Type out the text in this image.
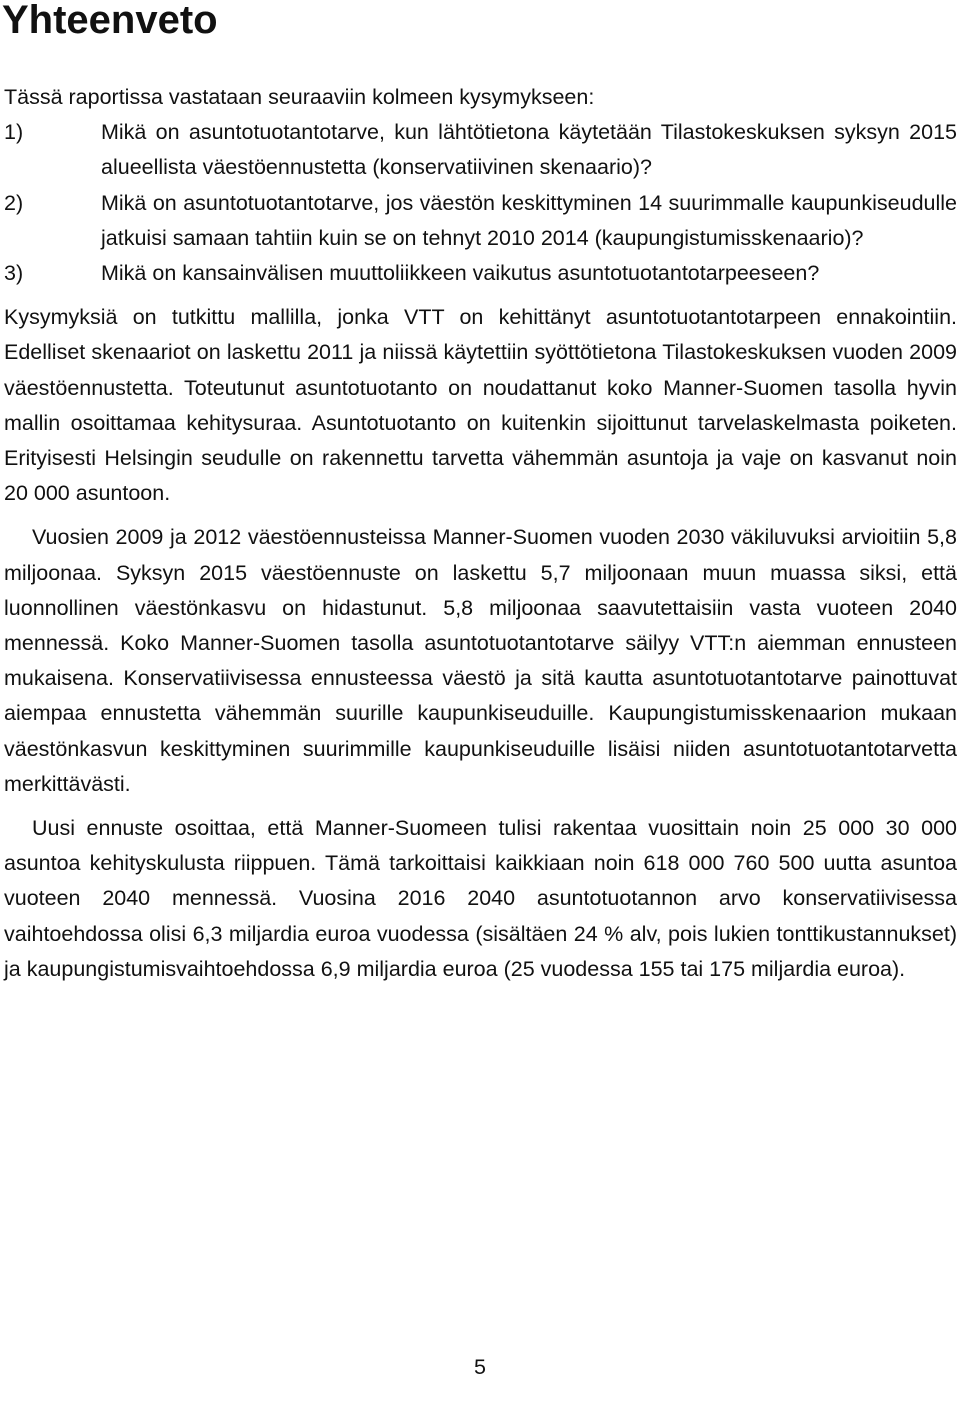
Yhteenveto

Tässä raportissa vastataan seuraaviin kolmeen kysymykseen:

1)	Mikä on asuntotuotantotarve, kun lähtötietona käytetään Tilastokeskuksen syksyn 2015 alueellista väestöennustetta (konservatiivinen skenaario)?
2)	Mikä on asuntotuotantotarve, jos väestön keskittyminen 14 suurimmalle kaupunkiseudulle jatkuisi samaan tahtiin kuin se on tehnyt 2010 2014 (kaupungistumisskenaario)?
3)	Mikä on kansainvälisen muuttoliikkeen vaikutus asuntotuotantotarpeeseen?

Kysymyksiä on tutkittu mallilla, jonka VTT on kehittänyt asuntotuotantotarpeen ennakointiin. Edelliset skenaariot on laskettu 2011 ja niissä käytettiin syöttötietona Tilastokeskuksen vuoden 2009 väestöennustetta. Toteutunut asuntotuotanto on noudattanut koko Manner-Suomen tasolla hyvin mallin osoittamaa kehitysuraa. Asuntotuotanto on kuitenkin sijoittunut tarvelaskelmasta poiketen. Erityisesti Helsingin seudulle on rakennettu tarvetta vähemmän asuntoja ja vaje on kasvanut noin 20 000 asuntoon.

Vuosien 2009 ja 2012 väestöennusteissa Manner-Suomen vuoden 2030 väkiluvuksi arvioitiin 5,8 miljoonaa. Syksyn 2015 väestöennuste on laskettu 5,7 miljoonaan muun muassa siksi, että luonnollinen väestönkasvu on hidastunut. 5,8 miljoonaa saavutettaisiin vasta vuoteen 2040 mennessä. Koko Manner-Suomen tasolla asuntotuotantotarve säilyy VTT:n aiemman ennusteen mukaisena. Konservatiivisessa ennusteessa väestö ja sitä kautta asuntotuotantotarve painottuvat aiempaa ennustetta vähemmän suurille kaupunkiseuduille. Kaupungistumisskenaarion mukaan väestönkasvun keskittyminen suurimmille kaupunkiseuduille lisäisi niiden asuntotuotantotarvetta merkittävästi.

Uusi ennuste osoittaa, että Manner-Suomeen tulisi rakentaa vuosittain noin 25 000 30 000 asuntoa kehityskulusta riippuen. Tämä tarkoittaisi kaikkiaan noin 618 000 760 500 uutta asuntoa vuoteen 2040 mennessä. Vuosina 2016 2040 asuntotuotannon arvo konservatiivisessa vaihtoehdossa olisi 6,3 miljardia euroa vuodessa (sisältäen 24 % alv, pois lukien tonttikustannukset) ja kaupungistumisvaihtoehdossa 6,9 miljardia euroa (25 vuodessa 155 tai 175 miljardia euroa).

5
